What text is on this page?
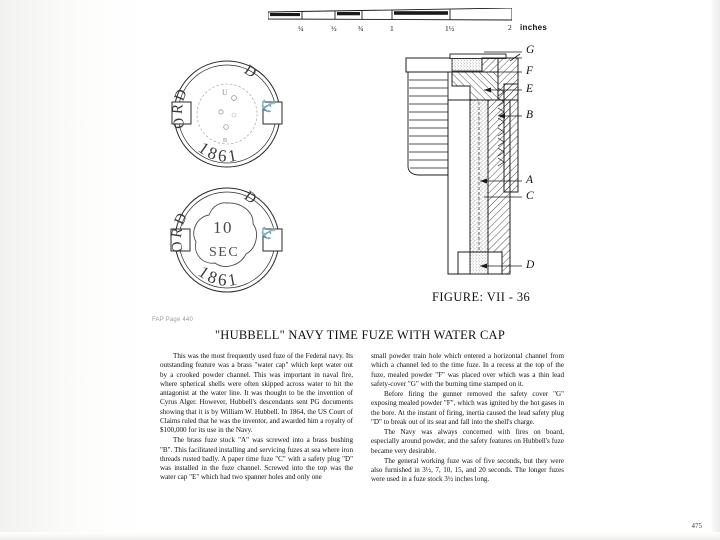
¼	½	¾	1	1½	2 inches
ORD
D
⚓
1861
U
n
ORD
D
⚓
1861
10
SEC
G
F
E
B
A
C
D
FIGURE: VII - 36
FAP Page 440
"HUBBELL" NAVY TIME FUZE WITH WATER CAP

This was the most frequently used fuze of the Federal navy. Its outstanding feature was a brass "water cap" which kept water out by a crooked powder channel. This was important in naval fire, where spherical shells were often skipped across water to hit the antagonist at the water line. It was thought to be the invention of Cyrus Alger. However, Hubbell's descendants sent PG documents showing that it is by William W. Hubbell. In 1864, the US Court of Claims ruled that he was the inventor, and awarded him a royalty of $100,000 for its use in the Navy.

The brass fuze stock "A" was screwed into a brass bushing "B". This facilitated installing and servicing fuzes at sea where iron threads rusted badly. A paper time fuze "C" with a safety plug "D" was installed in the fuze channel. Screwed into the top was the water cap "E" which had two spanner holes and only one

small powder train hole which entered a horizontal channel from which a channel led to the time fuze. In a recess at the top of the fuze, mealed powder "F" was placed over which was a thin lead safety-cover "G" with the burning time stamped on it.

Before firing the gunner removed the safety cover "G" exposing mealed powder "F", which was ignited by the hot gases in the bore. At the instant of firing, inertia caused the lead safety plug "D" to break out of its seat and fall into the shell's charge.

The Navy was always concerned with fires on board, especially around powder, and the safety features on Hubbell's fuze became very desirable.

The general working fuze was of five seconds, but they were also furnished in 3½, 7, 10, 15, and 20 seconds. The longer fuzes were used in a fuze stock 3½ inches long.

475
